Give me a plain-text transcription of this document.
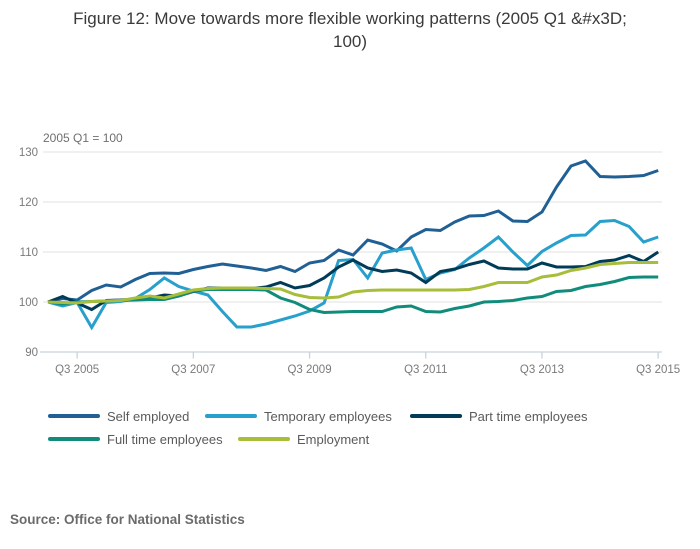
130
120
110
100
90
Q3 2005	Q3 2007	Q3 2009	Q3 2011	Q3 2013	Q3 2015
Figure 12: Move towards more flexible working patterns (2005 Q1 &#x3D;
100)
2005 Q1 = 100
Self employed	Temporary employees	Part time employees
Full time employees	Employment
Source: Office for National Statistics
